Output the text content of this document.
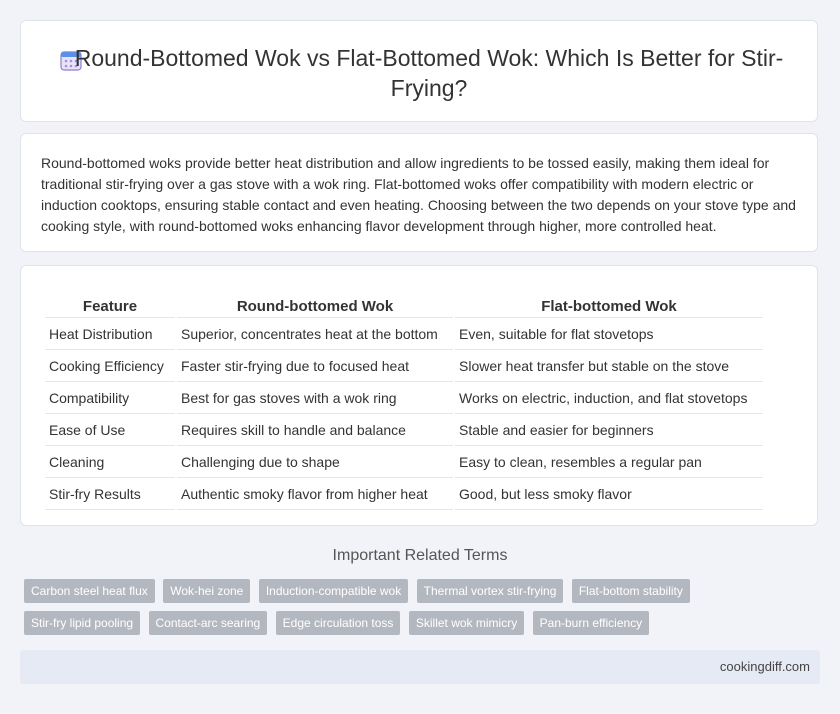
Round-Bottomed Wok vs Flat-Bottomed Wok: Which Is Better for Stir-Frying?

Round-bottomed woks provide better heat distribution and allow ingredients to be tossed easily, making them ideal for traditional stir-frying over a gas stove with a wok ring. Flat-bottomed woks offer compatibility with modern electric or induction cooktops, ensuring stable contact and even heating. Choosing between the two depends on your stove type and cooking style, with round-bottomed woks enhancing flavor development through higher, more controlled heat.

Feature	Round-bottomed Wok	Flat-bottomed Wok
Heat Distribution	Superior, concentrates heat at the bottom	Even, suitable for flat stovetops
Cooking Efficiency	Faster stir-frying due to focused heat	Slower heat transfer but stable on the stove
Compatibility	Best for gas stoves with a wok ring	Works on electric, induction, and flat stovetops
Ease of Use	Requires skill to handle and balance	Stable and easier for beginners
Cleaning	Challenging due to shape	Easy to clean, resembles a regular pan
Stir-fry Results	Authentic smoky flavor from higher heat	Good, but less smoky flavor
Important Related Terms
Carbon steel heat flux Wok-hei zone Induction-compatible wok Thermal vortex stir-frying Flat-bottom stability
Stir-fry lipid pooling Contact-arc searing Edge circulation toss Skillet wok mimicry Pan-burn efficiency
cookingdiff.com
